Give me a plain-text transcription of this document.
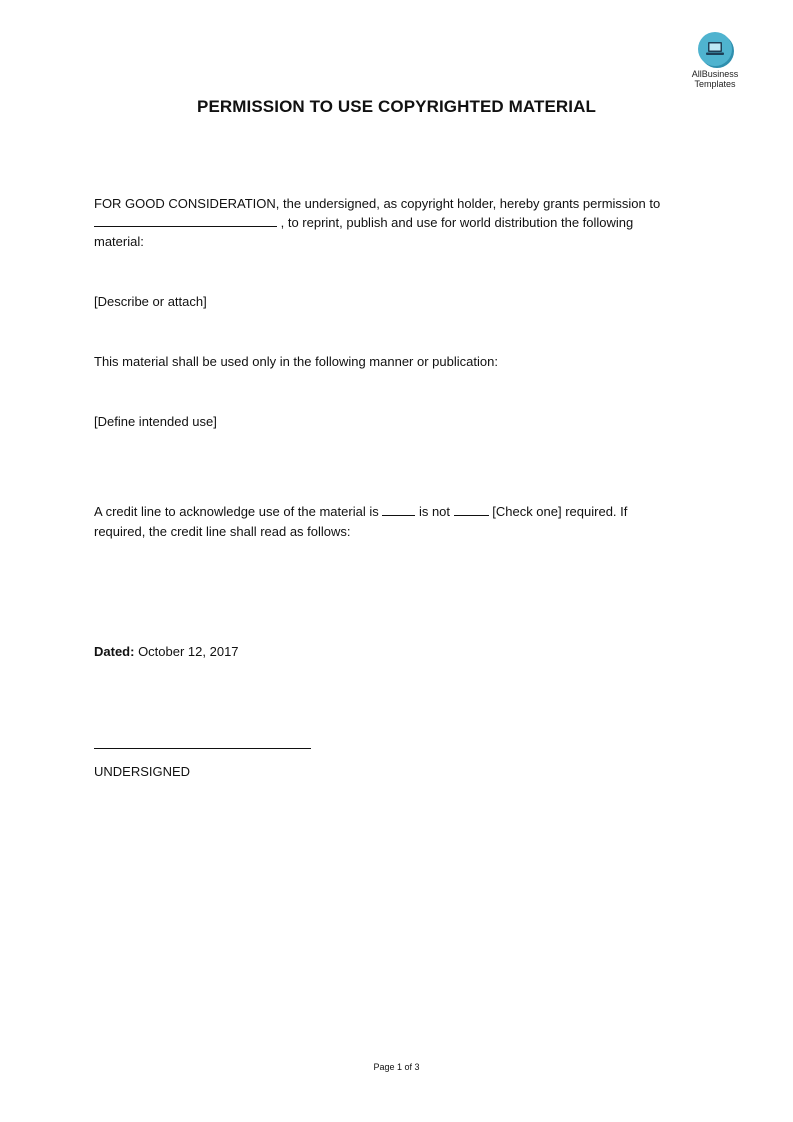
AllBusiness
Templates
PERMISSION TO USE COPYRIGHTED MATERIAL
FOR GOOD CONSIDERATION, the undersigned, as copyright holder, hereby grants permission to
, to reprint, publish and use for world distribution the following
material:
[Describe or attach]
This material shall be used only in the following manner or publication:
[Define intended use]
A credit line to acknowledge use of the material is	is not	[Check one] required. If
required, the credit line shall read as follows:
Dated: October 12, 2017
UNDERSIGNED
Page 1 of 3
